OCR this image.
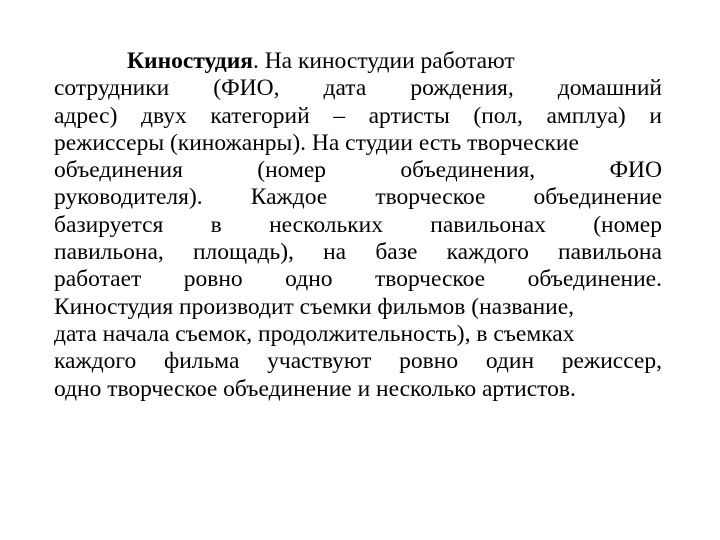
Киностудия. На киностудии работают
сотрудники (ФИО, дата рождения, домашний
адрес) двух категорий – артисты (пол, амплуа) и
режиссеры (киножанры). На студии есть творческие
объединения	(номер	объединения,	ФИО
руководителя). Каждое творческое объединение
базируется в нескольких павильонах (номер
павильона, площадь), на базе каждого павильона
работает ровно одно творческое объединение.
Киностудия производит съемки фильмов (название,
дата начала съемок, продолжительность), в съемках
каждого фильма участвуют ровно один режиссер,
одно творческое объединение и несколько артистов.
